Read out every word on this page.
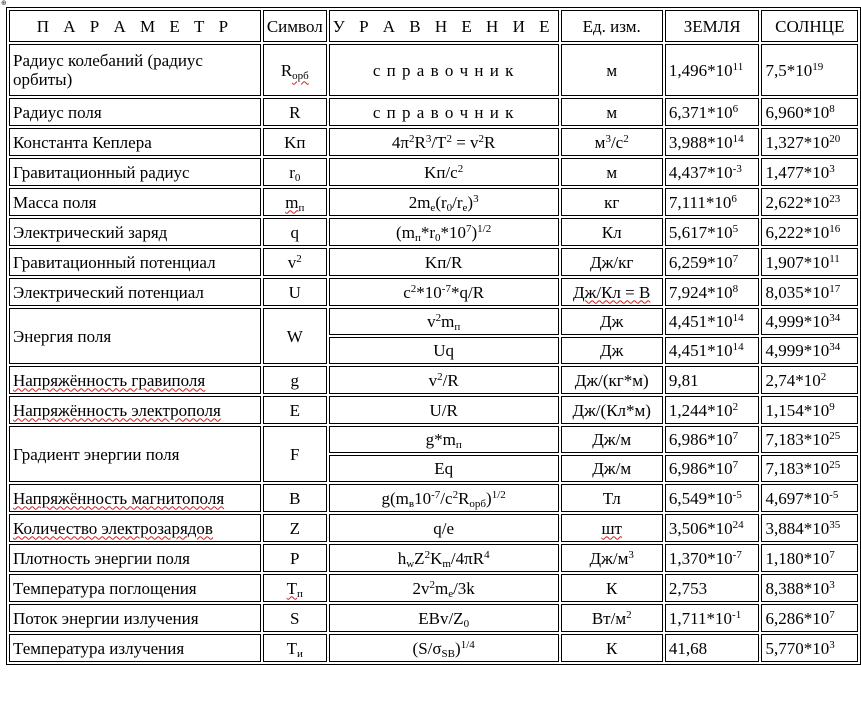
⊕
П А Р А М Е Т Р	Символ	У Р А В Н Е Н И Е	Ед. изм.	ЗЕМЛЯ	СОЛНЦЕ
Радиус колебаний (радиус орбиты)	$R_{орб}$	с п р а в о ч н и к	м	$1,496*10^{11}$	$7,5*10^{19}$
Радиус поля	R	с п р а в о ч н и к	м	$6,371*10^6$	$6,960*10^8$
Константа Кеплера	Kп	$4\pi^2R^3/T^2 = v^2R$	$м^3/с^2$	$3,988*10^{14}$	$1,327*10^{20}$
Гравитационный радиус	$r_0$	$Kп/c^2$	м	$4,437*10^{-3}$	$1,477*10^3$
Масса поля	$m_п$	$2m_e(r_0/r_e)^3$	кг	$7,111*10^6$	$2,622*10^{23}$
Электрический заряд	q	$(m_п*r_0*10^7)^{1/2}$	Кл	$5,617*10^5$	$6,222*10^{16}$
Гравитационный потенциал	$v^2$	Kп/R	Дж/кг	$6,259*10^7$	$1,907*10^{11}$
Электрический потенциал	U	$c^2*10^{-7}*q/R$	Дж/Кл = В	$7,924*10^8$	$8,035*10^{17}$
Энергия поля	W	$v^2m_п$	Дж	$4,451*10^{14}$	$4,999*10^{34}$
		Uq	Дж	$4,451*10^{14}$	$4,999*10^{34}$
Напряжённость гравиполя	g	$v^2/R$	Дж/(кг*м)	9,81	$2,74*10^2$
Напряжённость электрополя	E	U/R	Дж/(Кл*м)	$1,244*10^2$	$1,154*10^9$
Градиент энергии поля	F	$g*m_п$	Дж/м	$6,986*10^7$	$7,183*10^{25}$
		Eq	Дж/м	$6,986*10^7$	$7,183*10^{25}$
Напряжённость магнитополя	B	$g(m_в10^{-7}/c^2R_{орб})^{1/2}$	Тл	$6,549*10^{-5}$	$4,697*10^{-5}$
Количество электрозарядов	Z	q/e	шт	$3,506*10^{24}$	$3,884*10^{35}$
Плотность энергии поля	P	$h_wZ^2K_m/4\pi R^4$	$Дж/м^3$	$1,370*10^{-7}$	$1,180*10^7$
Температура поглощения	$T_п$	$2v^2m_e/3k$	К	2,753	$8,388*10^3$
Поток энергии излучения	S	EBv/$Z_0$	$Вт/м^2$	$1,711*10^{-1}$	$6,286*10^7$
Температура излучения	$T_и$	$(S/\sigma_{SB})^{1/4}$	К	41,68	$5,770*10^3$
